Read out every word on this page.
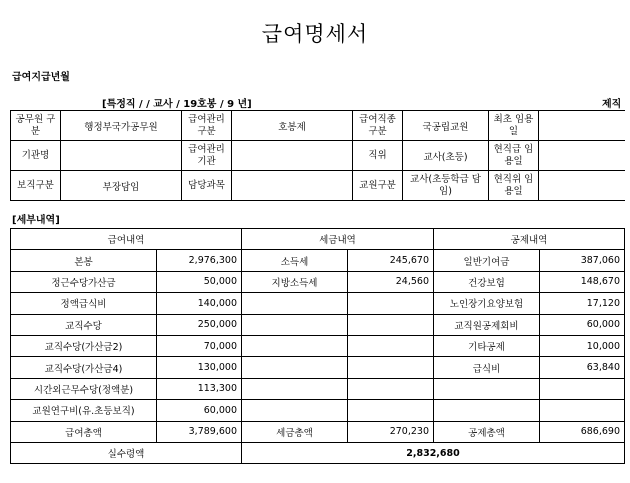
급여명세서
급여지급년월
[특정직 / / 교사 / 19호봉 / 9 년]	제직
공무원 구분	행정부국가공무원	급여관리 구분	호봉제	급여직종 구분	국공립교원	최초 임용일	
기관명		급여관리 기관		직위	교사(초등)	현직급 임용일	
보직구분	부장담임	담당과목		교원구분	교사(초등학급 담임)	현직위 임용일	
[세부내역]
급여내역		세금내역		공제내역	
본봉	2,976,300	소득세	245,670	일반기여금	387,060
정근수당가산금	50,000	지방소득세	24,560	건강보험	148,670
정액급식비	140,000			노인장기요양보험	17,120
교직수당	250,000			교직원공제회비	60,000
교직수당(가산금2)	70,000			기타공제	10,000
교직수당(가산금4)	130,000			급식비	63,840
시간외근무수당(정액분)	113,300				
교원연구비(유.초등보직)	60,000				
급여총액	3,789,600	세금총액	270,230	공제총액	686,690
실수령액		2,832,680			
